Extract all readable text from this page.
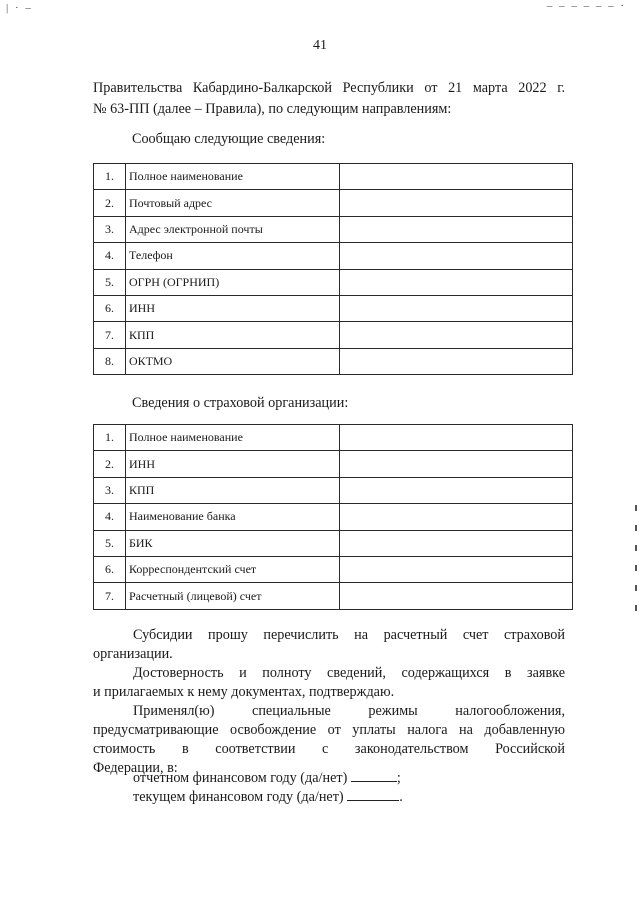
| · –	– – – – – – ·
41
Правительства Кабардино-Балкарской Республики от 21 марта 2022 г.
№ 63-ПП (далее – Правила), по следующим направлениям:
Сообщаю следующие сведения:
1.	Полное наименование	
2.	Почтовый адрес	
3.	Адрес электронной почты	
4.	Телефон	
5.	ОГРН (ОГРНИП)	
6.	ИНН	
7.	КПП	
8.	ОКТМО	
Сведения о страховой организации:
1.	Полное наименование	
2.	ИНН	
3.	КПП	
4.	Наименование банка	
5.	БИК	
6.	Корреспондентский счет	
7.	Расчетный (лицевой) счет	
Субсидии прошу перечислить на расчетный счет страховой
организации.
Достоверность и полноту сведений, содержащихся в заявке
и прилагаемых к нему документах, подтверждаю.
Применял(ю) специальные режимы налогообложения,
предусматривающие освобождение от уплаты налога на добавленную
стоимость в соответствии с законодательством Российской
Федерации, в:
отчетном финансовом году (да/нет)	;
текущем финансовом году (да/нет)	.
